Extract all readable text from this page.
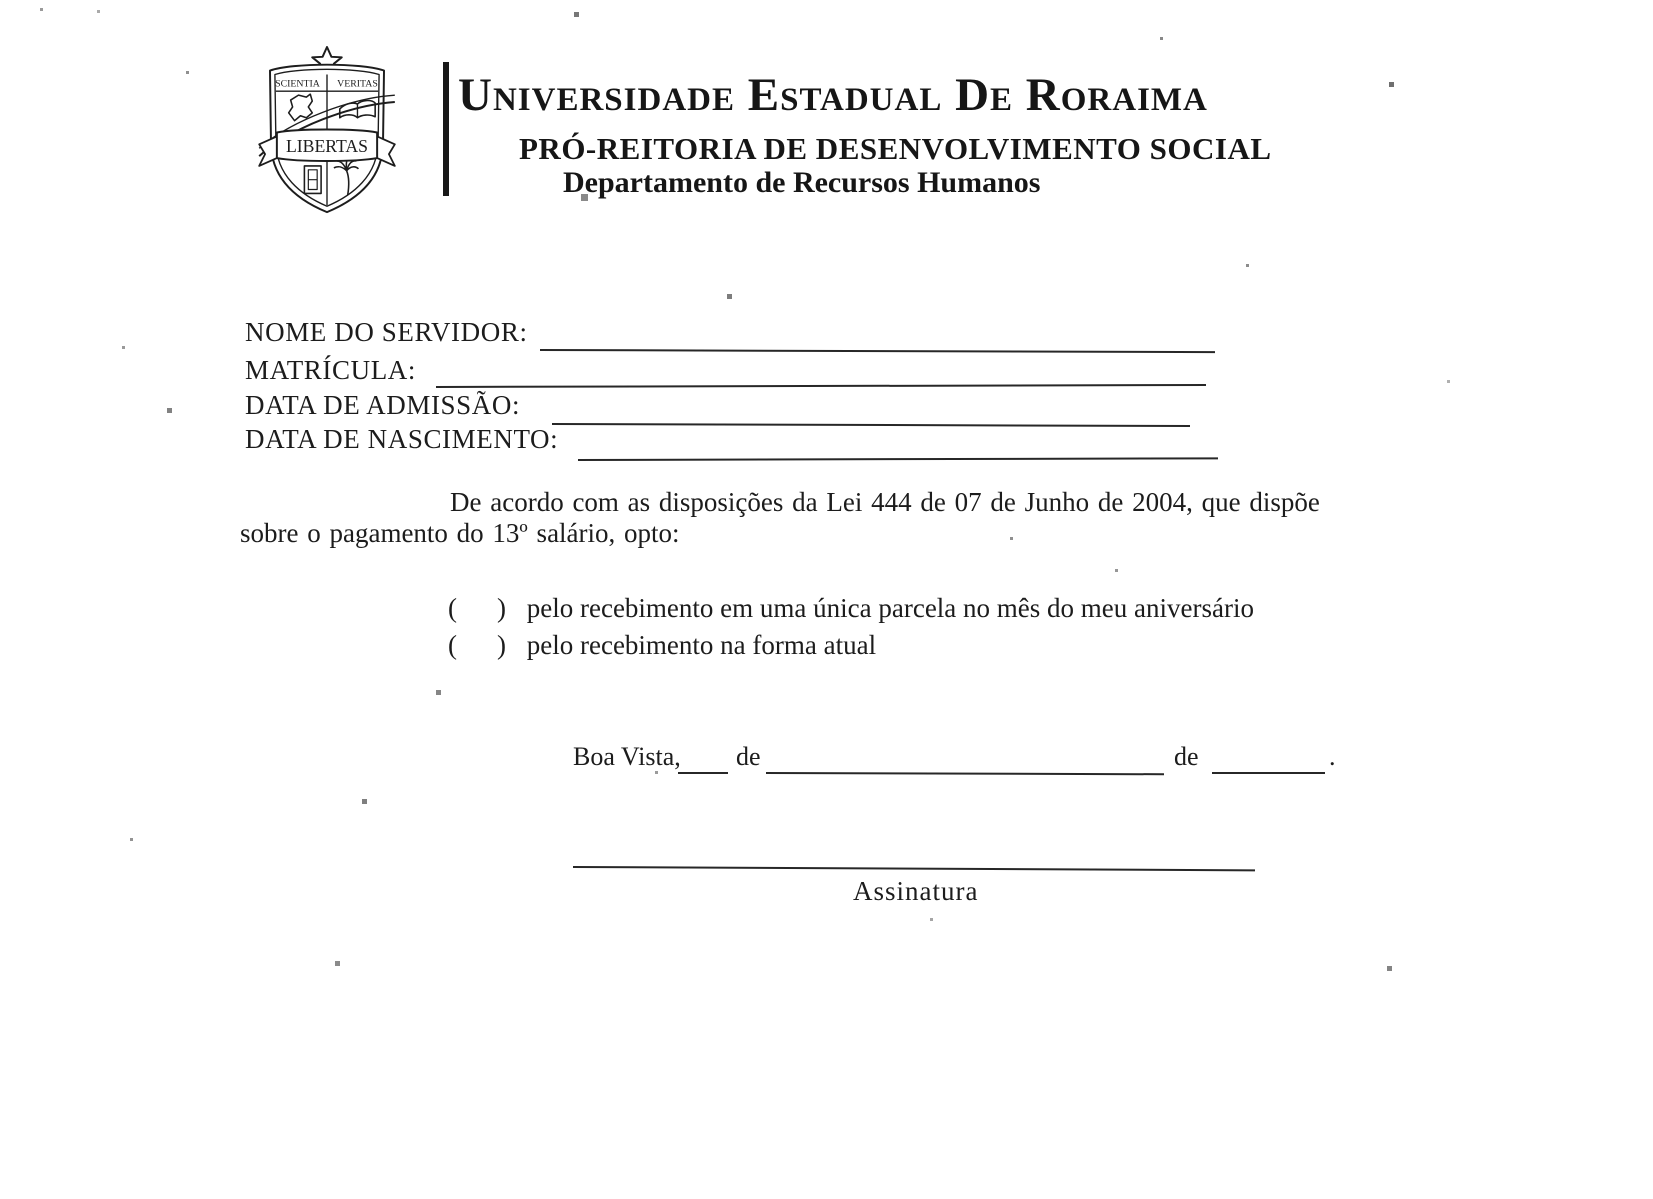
SCIENTIA VERITAS
LIBERTAS
Universidade Estadual De Roraima
PRÓ-REITORIA DE DESENVOLVIMENTO SOCIAL
Departamento de Recursos Humanos
NOME DO SERVIDOR:
MATRÍCULA:
DATA DE ADMISSÃO:
DATA DE NASCIMENTO:
De acordo com as disposições da Lei 444 de 07 de Junho de 2004, que dispõe
sobre o pagamento do 13º salário, opto:
( ) pelo recebimento em uma única parcela no mês do meu aniversário
( ) pelo recebimento na forma atual
Boa Vista, de	de	.
Assinatura
